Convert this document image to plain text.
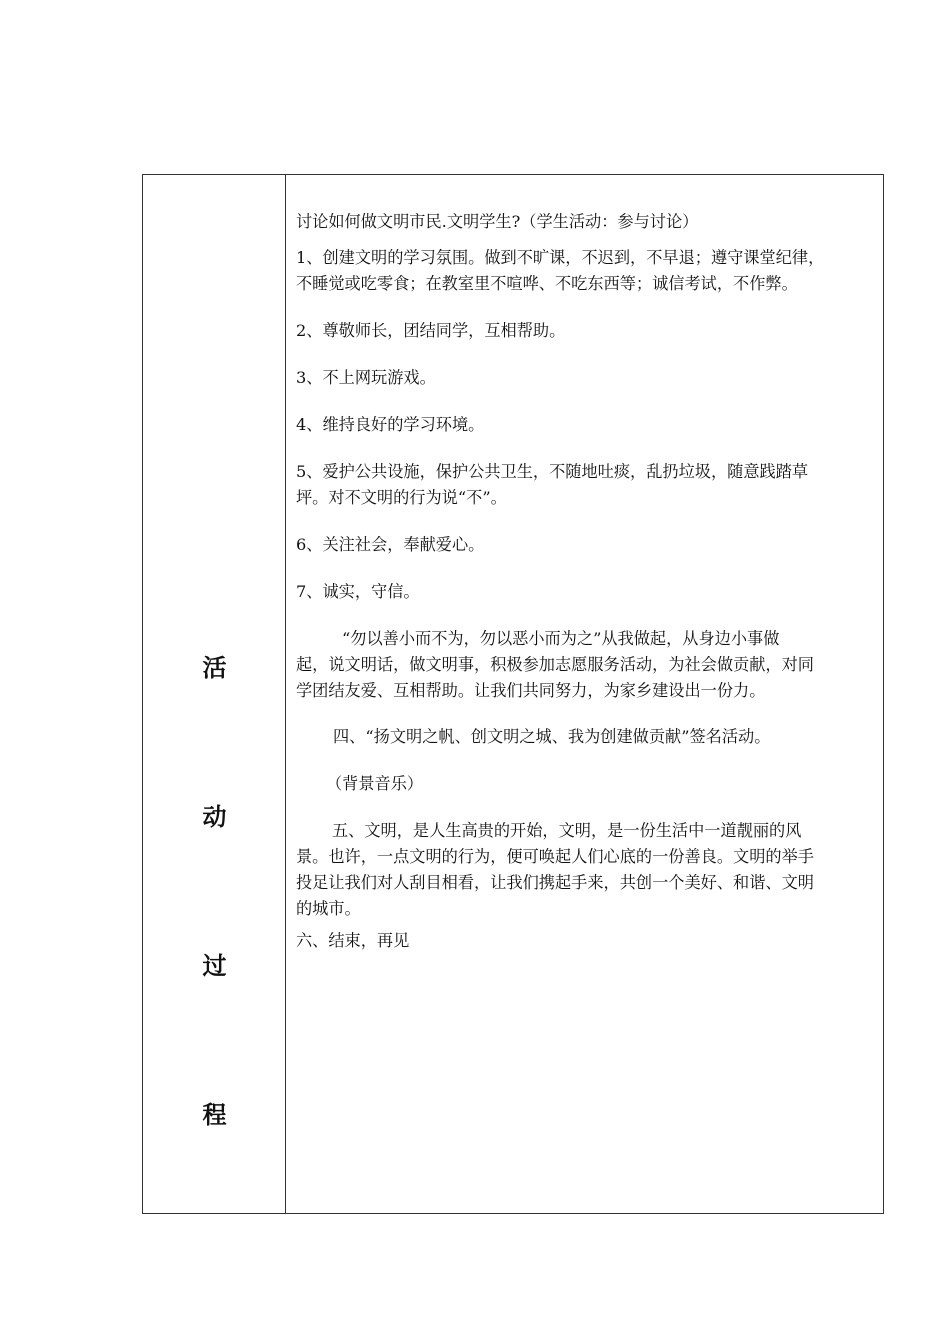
活
动
过
程
讨论如何做文明市民.文明学生?（学生活动：参与讨论）
1、创建文明的学习氛围。做到不旷课，不迟到，不早退；遵守课堂纪律，
不睡觉或吃零食；在教室里不喧哗、不吃东西等；诚信考试，不作弊。
2、尊敬师长，团结同学，互相帮助。
3、不上网玩游戏。
4、维持良好的学习环境。
5、爱护公共设施，保护公共卫生，不随地吐痰，乱扔垃圾，随意践踏草
坪。对不文明的行为说“不”。
6、关注社会，奉献爱心。
7、诚实，守信。
“勿以善小而不为，勿以恶小而为之”从我做起，从身边小事做
起，说文明话，做文明事，积极参加志愿服务活动，为社会做贡献，对同
学团结友爱、互相帮助。让我们共同努力，为家乡建设出一份力。
四、“扬文明之帆、创文明之城、我为创建做贡献”签名活动。
（背景音乐）
五、文明，是人生高贵的开始，文明，是一份生活中一道靓丽的风
景。也许，一点文明的行为，便可唤起人们心底的一份善良。文明的举手
投足让我们对人刮目相看，让我们携起手来，共创一个美好、和谐、文明
的城市。
六、结束，再见
